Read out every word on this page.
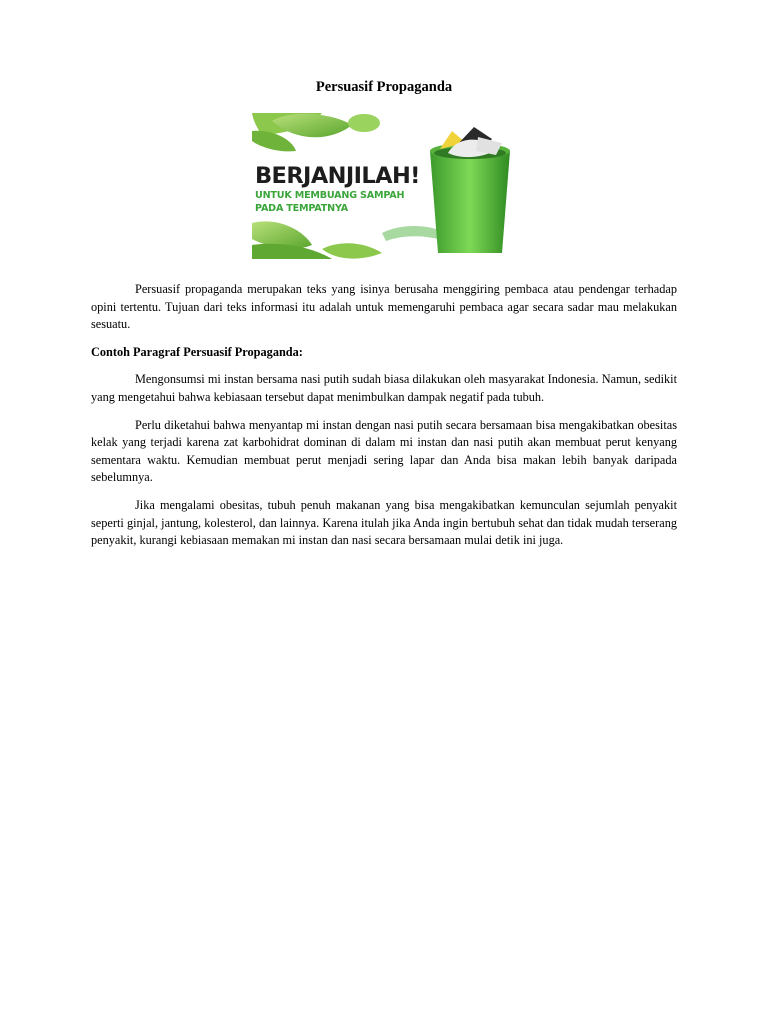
Persuasif Propaganda
BERJANJILAH!
UNTUK MEMBUANG SAMPAH
PADA TEMPATNYA

Persuasif propaganda merupakan teks yang isinya berusaha menggiring pembaca atau pendengar terhadap opini tertentu. Tujuan dari teks informasi itu adalah untuk memengaruhi pembaca agar secara sadar mau melakukan sesuatu.

Contoh Paragraf Persuasif Propaganda:

Mengonsumsi mi instan bersama nasi putih sudah biasa dilakukan oleh masyarakat Indonesia. Namun, sedikit yang mengetahui bahwa kebiasaan tersebut dapat menimbulkan dampak negatif pada tubuh.

Perlu diketahui bahwa menyantap mi instan dengan nasi putih secara bersamaan bisa mengakibatkan obesitas kelak yang terjadi karena zat karbohidrat dominan di dalam mi instan dan nasi putih akan membuat perut kenyang sementara waktu. Kemudian membuat perut menjadi sering lapar dan Anda bisa makan lebih banyak daripada sebelumnya.

Jika mengalami obesitas, tubuh penuh makanan yang bisa mengakibatkan kemunculan sejumlah penyakit seperti ginjal, jantung, kolesterol, dan lainnya. Karena itulah jika Anda ingin bertubuh sehat dan tidak mudah terserang penyakit, kurangi kebiasaan memakan mi instan dan nasi secara bersamaan mulai detik ini juga.
